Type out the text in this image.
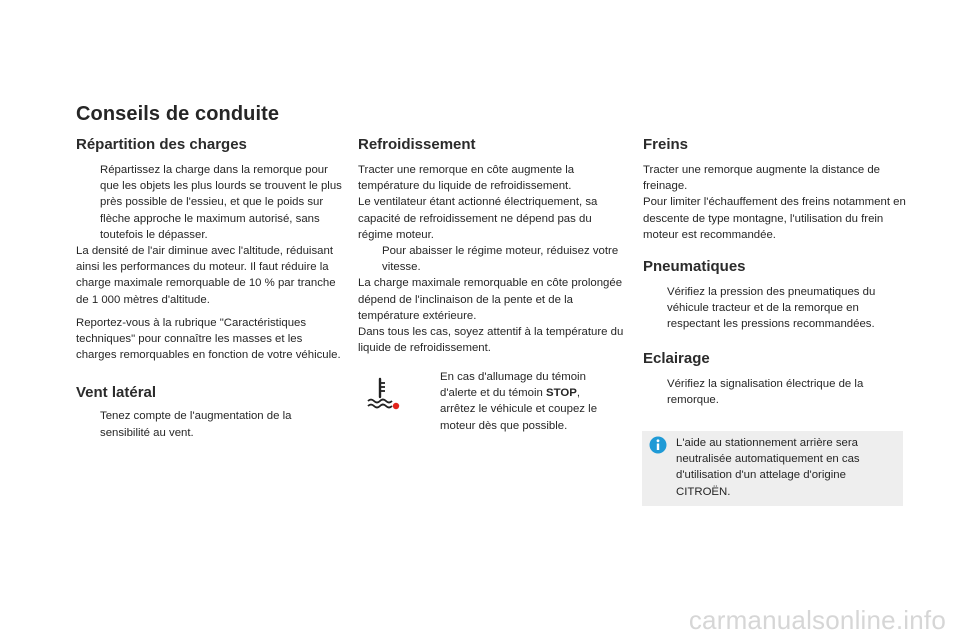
Conseils de conduite
Répartition des charges

Répartissez la charge dans la remorque pour que les objets les plus lourds se trouvent le plus près possible de l'essieu, et que le poids sur flèche approche le maximum autorisé, sans toutefois le dépasser.

La densité de l'air diminue avec l'altitude, réduisant ainsi les performances du moteur. Il faut réduire la charge maximale remorquable de 10 % par tranche de 1 000 mètres d'altitude.

Reportez-vous à la rubrique "Caractéristiques techniques" pour connaître les masses et les charges remorquables en fonction de votre véhicule.

Vent latéral

Tenez compte de l'augmentation de la sensibilité au vent.

Refroidissement

Tracter une remorque en côte augmente la température du liquide de refroidissement.

Le ventilateur étant actionné électriquement, sa capacité de refroidissement ne dépend pas du régime moteur.

Pour abaisser le régime moteur, réduisez votre vitesse.

La charge maximale remorquable en côte prolongée dépend de l'inclinaison de la pente et de la température extérieure.

Dans tous les cas, soyez attentif à la température du liquide de refroidissement.

En cas d'allumage du témoin d'alerte et du témoin STOP, arrêtez le véhicule et coupez le moteur dès que possible.

Freins

Tracter une remorque augmente la distance de freinage.

Pour limiter l'échauffement des freins notamment en descente de type montagne, l'utilisation du frein moteur est recommandée.

Pneumatiques

Vérifiez la pression des pneumatiques du véhicule tracteur et de la remorque en respectant les pressions recommandées.

Eclairage

Vérifiez la signalisation électrique de la remorque.

L'aide au stationnement arrière sera neutralisée automatiquement en cas d'utilisation d'un attelage d'origine CITROËN.

carmanualsonline.info
